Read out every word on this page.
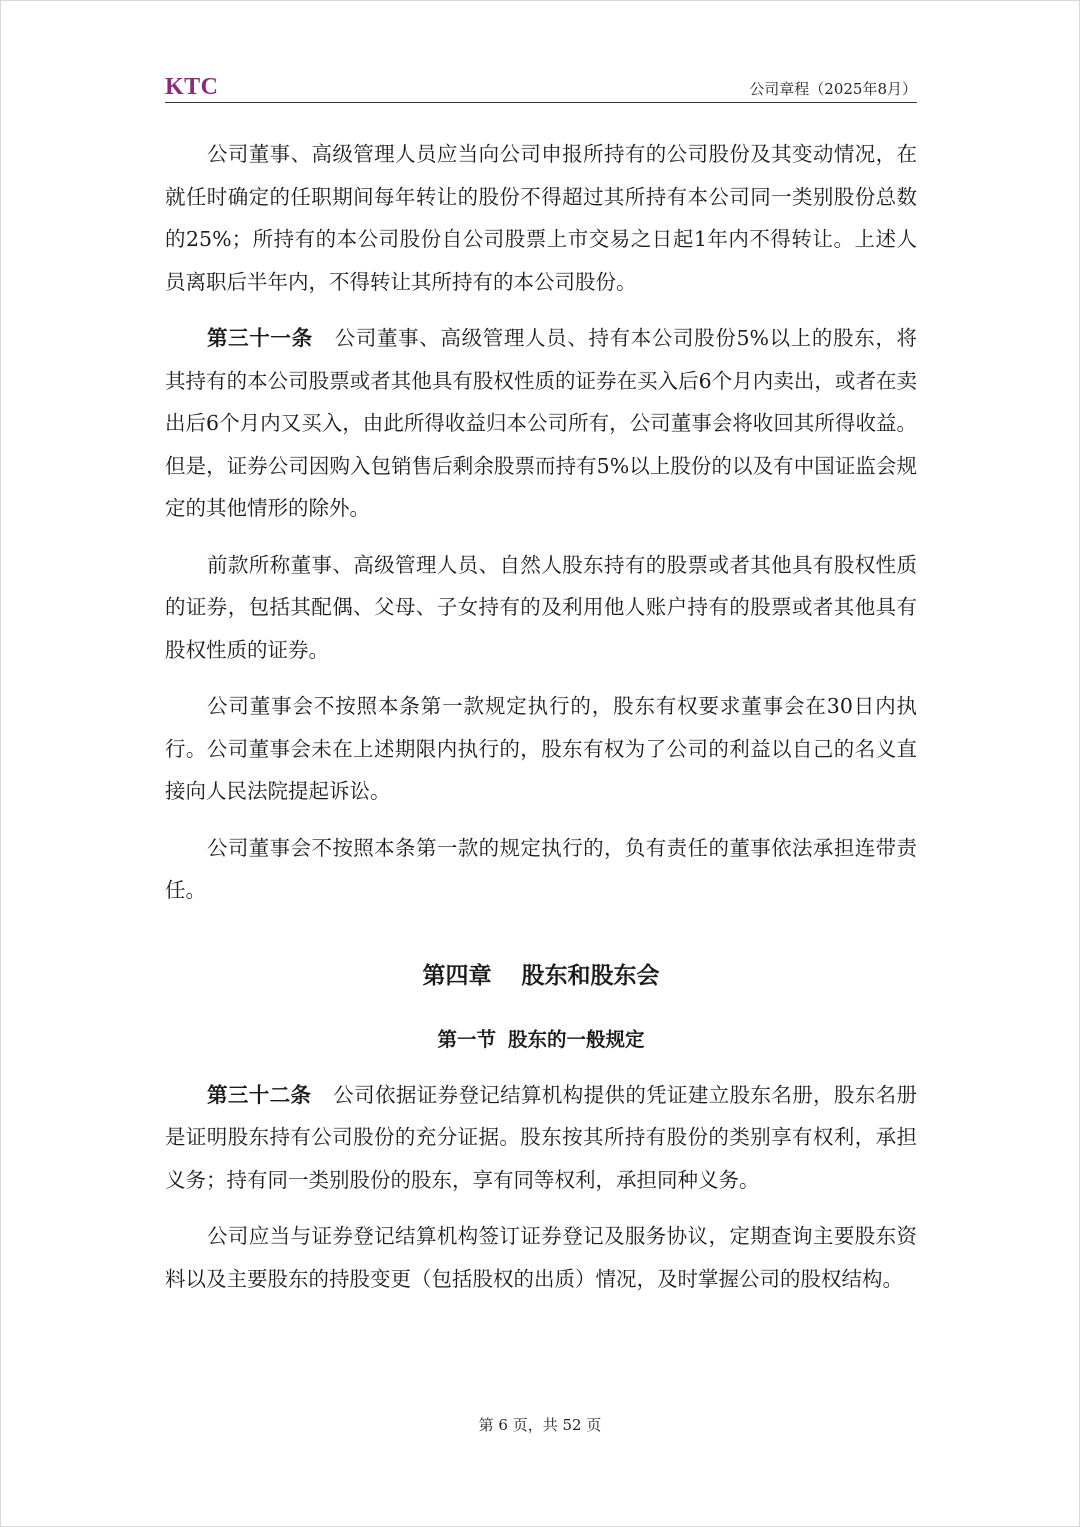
KTC	公司章程（2025年8月）

公司董事、高级管理人员应当向公司申报所持有的公司股份及其变动情况，在就任时确定的任职期间每年转让的股份不得超过其所持有本公司同一类别股份总数的25%；所持有的本公司股份自公司股票上市交易之日起1年内不得转让。上述人员离职后半年内，不得转让其所持有的本公司股份。

第三十一条 公司董事、高级管理人员、持有本公司股份5%以上的股东，将其持有的本公司股票或者其他具有股权性质的证券在买入后6个月内卖出，或者在卖出后6个月内又买入，由此所得收益归本公司所有，公司董事会将收回其所得收益。但是，证券公司因购入包销售后剩余股票而持有5%以上股份的以及有中国证监会规定的其他情形的除外。

前款所称董事、高级管理人员、自然人股东持有的股票或者其他具有股权性质的证券，包括其配偶、父母、子女持有的及利用他人账户持有的股票或者其他具有股权性质的证券。

公司董事会不按照本条第一款规定执行的，股东有权要求董事会在30日内执行。公司董事会未在上述期限内执行的，股东有权为了公司的利益以自己的名义直接向人民法院提起诉讼。

公司董事会不按照本条第一款的规定执行的，负有责任的董事依法承担连带责任。

第四章 股东和股东会
第一节 股东的一般规定

第三十二条 公司依据证券登记结算机构提供的凭证建立股东名册，股东名册是证明股东持有公司股份的充分证据。股东按其所持有股份的类别享有权利，承担义务；持有同一类别股份的股东，享有同等权利，承担同种义务。

公司应当与证券登记结算机构签订证券登记及服务协议，定期查询主要股东资料以及主要股东的持股变更（包括股权的出质）情况，及时掌握公司的股权结构。

第 6 页，共 52 页
